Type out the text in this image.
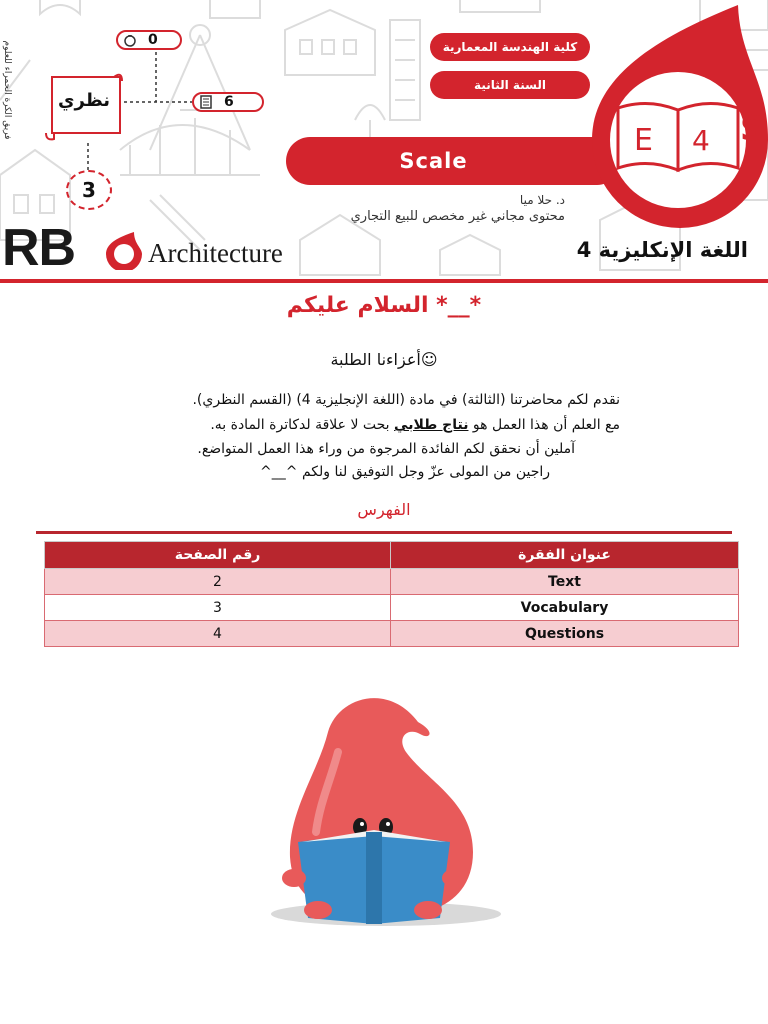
كلية الهندسة المعمارية
السنة الثانية
Scale
E 4 S
د. حلا ميا
محتوى مجاني غير مخصص للبيع التجاري
اللغة الإنكليزية 4
0
6
نظري
3
فريق الكرة الحمراء للعلوم
RB	Architecture
السلام عليكم *__*
أعزاءنا الطلبة☺
نقدم لكم محاضرتنا (الثالثة) في مادة (اللغة الإنجليزية 4) (القسم النظري).
مع العلم أن هذا العمل هو نتاج طلابي بحت لا علاقة لدكاترة المادة به.
آملين أن نحقق لكم الفائدة المرجوة من وراء هذا العمل المتواضع.
راجين من المولى عزّ وجل التوفيق لنا ولكم ^__^
الفهرس
رقم الصفحة	عنوان الفقرة
2	Text
3	Vocabulary
4	Questions
